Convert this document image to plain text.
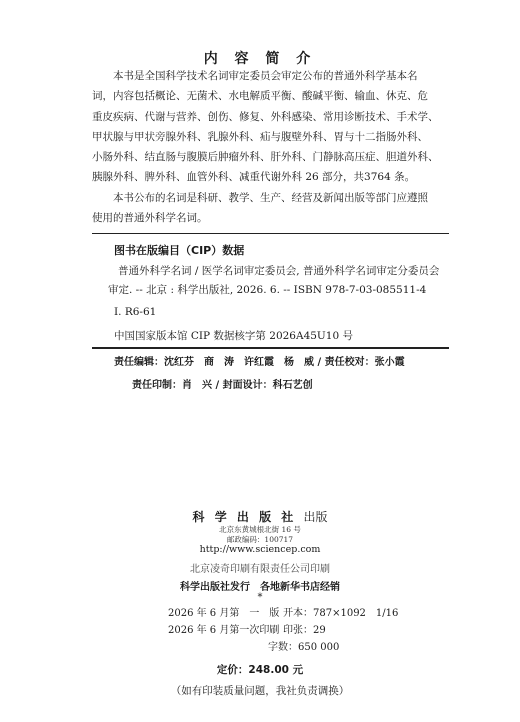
内 容 简 介
本书是全国科学技术名词审定委员会审定公布的普通外科学基本名
词，内容包括概论、无菌术、水电解质平衡、酸碱平衡、输血、休克、危
重皮疾病、代谢与营养、创伤、修复、外科感染、常用诊断技术、手术学、
甲状腺与甲状旁腺外科、乳腺外科、疝与腹壁外科、胃与十二指肠外科、
小肠外科、结直肠与腹膜后肿瘤外科、肝外科、门静脉高压症、胆道外科、
胰腺外科、脾外科、血管外科、减重代谢外科 26 部分，共3764 条。
本书公布的名词是科研、教学、生产、经营及新闻出版等部门应遵照
使用的普通外科学名词。
图书在版编目（CIP）数据
普通外科学名词 / 医学名词审定委员会, 普通外科学名词审定分委员会
审定. -- 北京 : 科学出版社, 2026. 6. -- ISBN 978-7-03-085511-4
Ⅰ. R6-61
中国国家版本馆 CIP 数据核字第 2026A45U10 号
责任编辑：沈红芬　商　涛　许红霞　杨　威 / 责任校对：张小霞
责任印制：肖　兴 / 封面设计：科石艺创
科 学 出 版 社 出版
北京东黄城根北街 16 号
邮政编码：100717
http://www.sciencep.com
北京凌奇印刷有限责任公司印刷
科学出版社发行　各地新华书店经销
*
2026 年 6 月第　一　版 开本：787×1092　1/16
2026 年 6 月第一次印刷 印张：29
字数：650 000
定价：248.00 元
（如有印装质量问题，我社负责调换）
